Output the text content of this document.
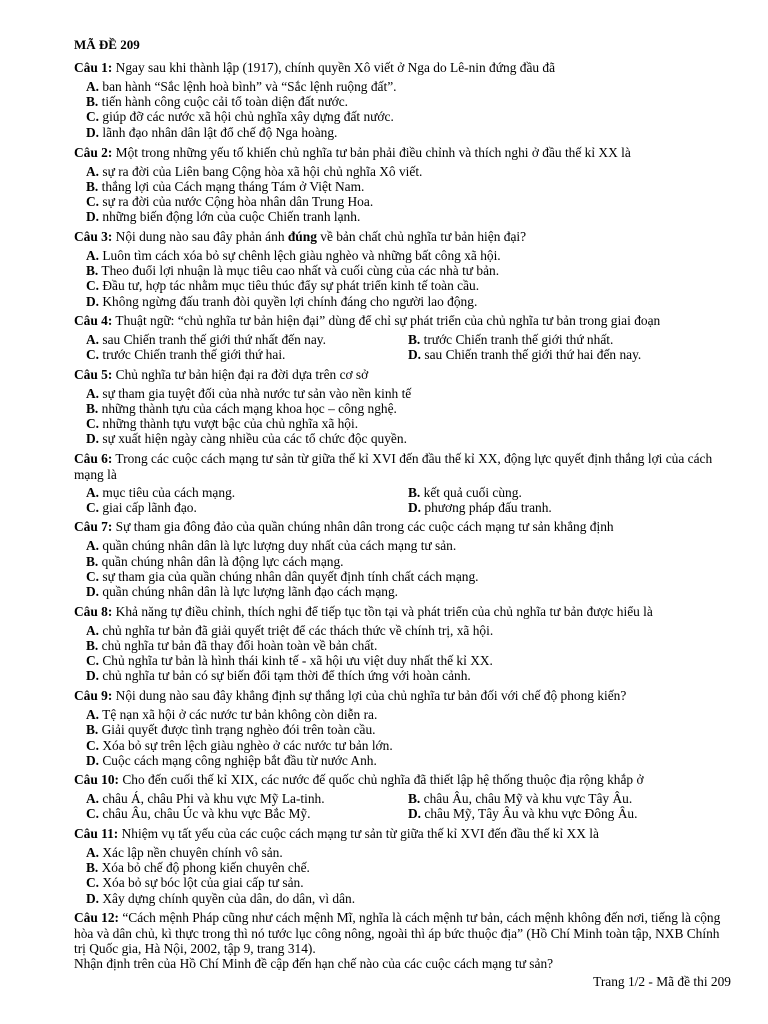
MÃ ĐỀ 209
Câu 1: Ngay sau khi thành lập (1917), chính quyền Xô viết ở Nga do Lê-nin đứng đầu đã
A. ban hành “Sắc lệnh hoà bình” và “Sắc lệnh ruộng đất”.
B. tiến hành công cuộc cải tổ toàn diện đất nước.
C. giúp đỡ các nước xã hội chủ nghĩa xây dựng đất nước.
D. lãnh đạo nhân dân lật đổ chế độ Nga hoàng.
Câu 2: Một trong những yếu tố khiến chủ nghĩa tư bản phải điều chỉnh và thích nghi ở đầu thế kỉ XX là
A. sự ra đời của Liên bang Cộng hòa xã hội chủ nghĩa Xô viết.
B. thắng lợi của Cách mạng tháng Tám ở Việt Nam.
C. sự ra đời của nước Cộng hòa nhân dân Trung Hoa.
D. những biến động lớn của cuộc Chiến tranh lạnh.
Câu 3: Nội dung nào sau đây phản ánh đúng về bản chất chủ nghĩa tư bản hiện đại?
A. Luôn tìm cách xóa bỏ sự chênh lệch giàu nghèo và những bất công xã hội.
B. Theo đuổi lợi nhuận là mục tiêu cao nhất và cuối cùng của các nhà tư bản.
C. Đầu tư, hợp tác nhằm mục tiêu thúc đẩy sự phát triển kinh tế toàn cầu.
D. Không ngừng đấu tranh đòi quyền lợi chính đáng cho người lao động.
Câu 4: Thuật ngữ: “chủ nghĩa tư bản hiện đại” dùng để chỉ sự phát triển của chủ nghĩa tư bản trong giai đoạn
A. sau Chiến tranh thế giới thứ nhất đến nay.	B. trước Chiến tranh thế giới thứ nhất.
C. trước Chiến tranh thế giới thứ hai.	D. sau Chiến tranh thế giới thứ hai đến nay.
Câu 5: Chủ nghĩa tư bản hiện đại ra đời dựa trên cơ sở
A. sự tham gia tuyệt đối của nhà nước tư sản vào nền kinh tế
B. những thành tựu của cách mạng khoa học – công nghệ.
C. những thành tựu vượt bậc của chủ nghĩa xã hội.
D. sự xuất hiện ngày càng nhiều của các tổ chức độc quyền.
Câu 6: Trong các cuộc cách mạng tư sản từ giữa thế kỉ XVI đến đầu thế kỉ XX, động lực quyết định thắng lợi của cách mạng là
A. mục tiêu của cách mạng.	B. kết quả cuối cùng.
C. giai cấp lãnh đạo.	D. phương pháp đấu tranh.
Câu 7: Sự tham gia đông đảo của quần chúng nhân dân trong các cuộc cách mạng tư sản khẳng định
A. quần chúng nhân dân là lực lượng duy nhất của cách mạng tư sản.
B. quần chúng nhân dân là động lực cách mạng.
C. sự tham gia của quần chúng nhân dân quyết định tính chất cách mạng.
D. quần chúng nhân dân là lực lượng lãnh đạo cách mạng.
Câu 8: Khả năng tự điều chỉnh, thích nghi để tiếp tục tồn tại và phát triển của chủ nghĩa tư bản được hiểu là
A. chủ nghĩa tư bản đã giải quyết triệt để các thách thức về chính trị, xã hội.
B. chủ nghĩa tư bản đã thay đổi hoàn toàn về bản chất.
C. Chủ nghĩa tư bản là hình thái kinh tế - xã hội ưu việt duy nhất thế kỉ XX.
D. chủ nghĩa tư bản có sự biến đổi tạm thời để thích ứng với hoàn cảnh.
Câu 9: Nội dung nào sau đây khẳng định sự thắng lợi của chủ nghĩa tư bản đối với chế độ phong kiến?
A. Tệ nạn xã hội ở các nước tư bản không còn diễn ra.
B. Giải quyết được tình trạng nghèo đói trên toàn cầu.
C. Xóa bỏ sự trên lệch giàu nghèo ở các nước tư bản lớn.
D. Cuộc cách mạng công nghiệp bắt đầu từ nước Anh.
Câu 10: Cho đến cuối thế kỉ XIX, các nước đế quốc chủ nghĩa đã thiết lập hệ thống thuộc địa rộng khắp ở
A. châu Á, châu Phi và khu vực Mỹ La-tinh.	B. châu Âu, châu Mỹ và khu vực Tây Âu.
C. châu Âu, châu Úc và khu vực Bắc Mỹ.	D. châu Mỹ, Tây Âu và khu vực Đông Âu.
Câu 11: Nhiệm vụ tất yếu của các cuộc cách mạng tư sản từ giữa thế kỉ XVI đến đầu thế kỉ XX là
A. Xác lập nền chuyên chính vô sản.
B. Xóa bỏ chế độ phong kiến chuyên chế.
C. Xóa bỏ sự bóc lột của giai cấp tư sản.
D. Xây dựng chính quyền của dân, do dân, vì dân.
Câu 12: “Cách mệnh Pháp cũng như cách mệnh Mĩ, nghĩa là cách mệnh tư bản, cách mệnh không đến nơi, tiếng là cộng hòa và dân chủ, kì thực trong thì nó tước lục công nông, ngoài thì áp bức thuộc địa” (Hồ Chí Minh toàn tập, NXB Chính trị Quốc gia, Hà Nội, 2002, tập 9, trang 314).
Nhận định trên của Hồ Chí Minh đề cập đến hạn chế nào của các cuộc cách mạng tư sản?
Trang 1/2 - Mã đề thi 209
